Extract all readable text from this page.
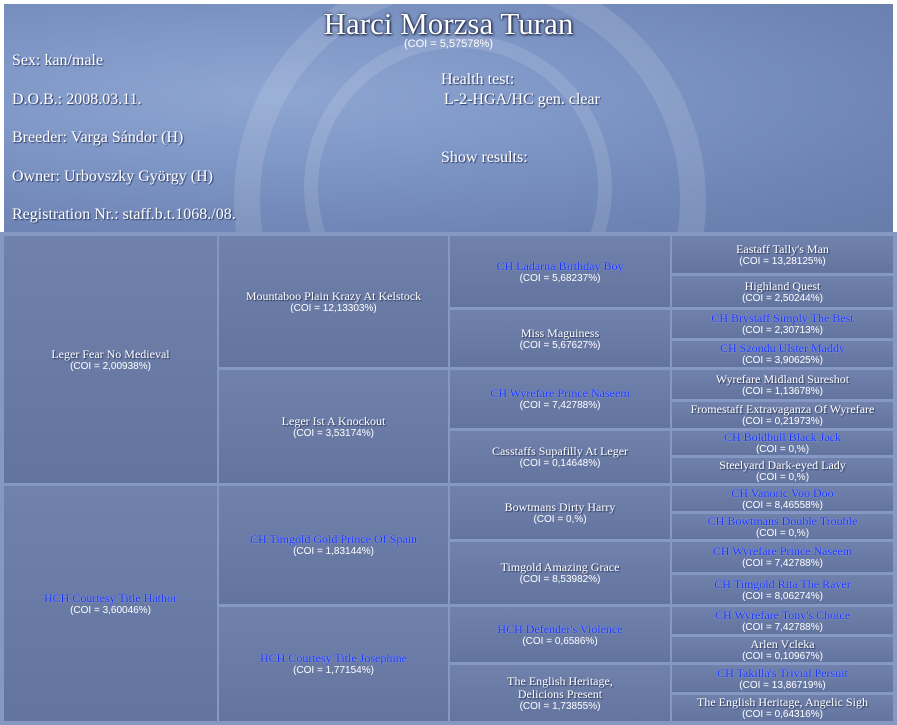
Harci Morzsa Turan
(COI = 5,57578%)
Sex: kan/male
D.O.B.: 2008.03.11.
Breeder: Varga Sándor (H)
Owner: Urbovszky György (H)
Registration Nr.: staff.b.t.1068./08.
Health test:
L-2-HGA/HC gen. clear
Show results:
Leger Fear No Medieval
(COI = 2,00938%)
HCH Courtesy Title Hathor
(COI = 3,60046%)
Mountaboo Plain Krazy At Kelstock
(COI = 12,13303%)
Leger Ist A Knockout
(COI = 3,53174%)
CH Timgold Gold Prince Of Spain
(COI = 1,83144%)
HCH Courtesy Title Josephine
(COI = 1,77154%)
CH Ladarna Birthday Boy
(COI = 5,68237%)
Miss Maguiness
(COI = 5,67627%)
CH Wyrefare Prince Naseem
(COI = 7,42788%)
Casstaffs Supafilly At Leger
(COI = 0,14648%)
Bowtmans Dirty Harry
(COI = 0,%)
Timgold Amazing Grace
(COI = 8,53982%)
HCH Defender's Violence
(COI = 0,6586%)
The English Heritage, Delicions Present
(COI = 1,73855%)
Eastaff Tally's Man
(COI = 13,28125%)
Highland Quest
(COI = 2,50244%)
CH Brystaff Simply The Best
(COI = 2,30713%)
CH Szondu Ulster Maddy
(COI = 3,90625%)
Wyrefare Midland Sureshot
(COI = 1,13678%)
Fromestaff Extravaganza Of Wyrefare
(COI = 0,21973%)
CH Boldbull Black Jack
(COI = 0,%)
Steelyard Dark-eyed Lady
(COI = 0,%)
CH Vanoric Voo Doo
(COI = 8,46558%)
CH Bowtmans Double Trouble
(COI = 0,%)
CH Wyrefare Prince Naseem
(COI = 7,42788%)
CH Timgold Rita The Raver
(COI = 8,06274%)
CH Wyrefare Tony's Choice
(COI = 7,42788%)
Arlen Vcleka
(COI = 0,10967%)
CH Takilla's Trivial Persuit
(COI = 13,86719%)
The English Heritage, Angelic Sigh
(COI = 0,64316%)
